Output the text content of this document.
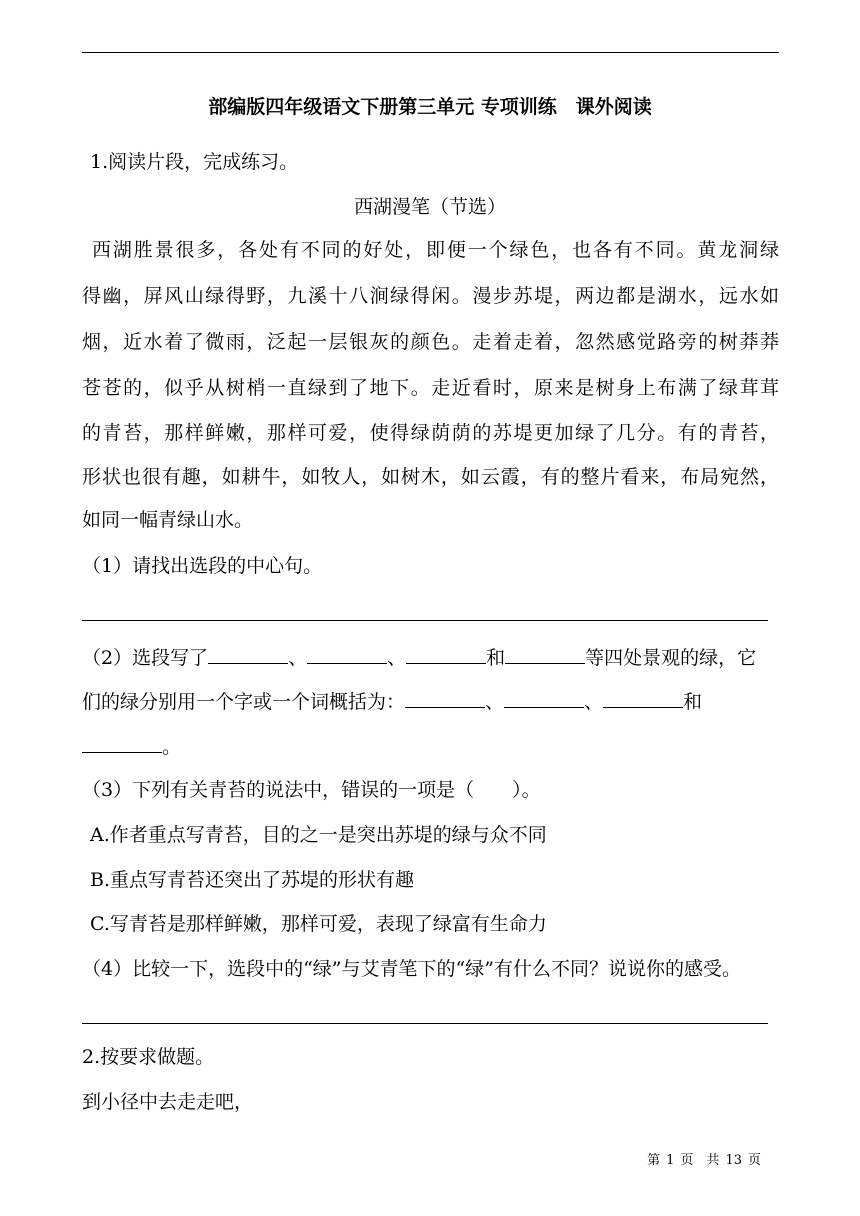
部编版四年级语文下册第三单元 专项训练　课外阅读
1.阅读片段，完成练习。
西湖漫笔（节选）
西湖胜景很多，各处有不同的好处，即便一个绿色，也各有不同。黄龙洞绿
得幽，屏风山绿得野，九溪十八涧绿得闲。漫步苏堤，两边都是湖水，远水如
烟，近水着了微雨，泛起一层银灰的颜色。走着走着，忽然感觉路旁的树莽莽
苍苍的，似乎从树梢一直绿到了地下。走近看时，原来是树身上布满了绿茸茸
的青苔，那样鲜嫩，那样可爱，使得绿荫荫的苏堤更加绿了几分。有的青苔，
形状也很有趣，如耕牛，如牧人，如树木，如云霞，有的整片看来，布局宛然，
如同一幅青绿山水。
（1）请找出选段的中心句。
（2）选段写了	、	、	和	等四处景观的绿，它
们的绿分别用一个字或一个词概括为：	、	、	和
。
（3）下列有关青苔的说法中，错误的一项是（　　）。
A.作者重点写青苔，目的之一是突出苏堤的绿与众不同
B.重点写青苔还突出了苏堤的形状有趣
C.写青苔是那样鲜嫩，那样可爱，表现了绿富有生命力
（4）比较一下，选段中的“绿”与艾青笔下的“绿”有什么不同？说说你的感受。
2.按要求做题。
到小径中去走走吧，
第 1 页　共 13 页
